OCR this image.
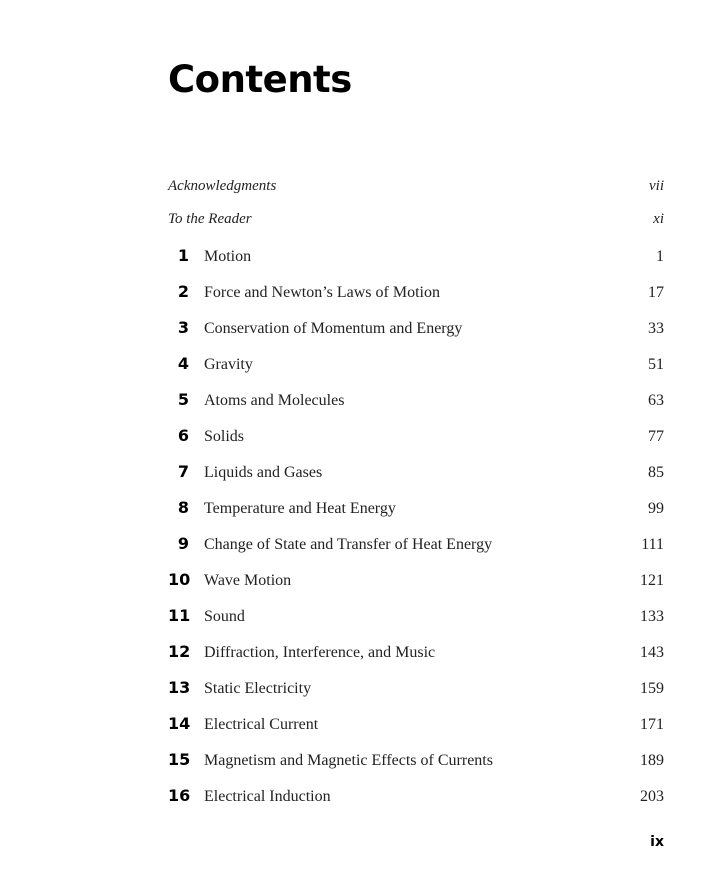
Contents
Acknowledgments	vii
To the Reader	xi
1 Motion	1
2 Force and Newton’s Laws of Motion	17
3 Conservation of Momentum and Energy	33
4 Gravity	51
5 Atoms and Molecules	63
6 Solids	77
7 Liquids and Gases	85
8 Temperature and Heat Energy	99
9 Change of State and Transfer of Heat Energy	111
10 Wave Motion	121
11 Sound	133
12 Diffraction, Interference, and Music	143
13 Static Electricity	159
14 Electrical Current	171
15 Magnetism and Magnetic Effects of Currents	189
16 Electrical Induction	203
ix
